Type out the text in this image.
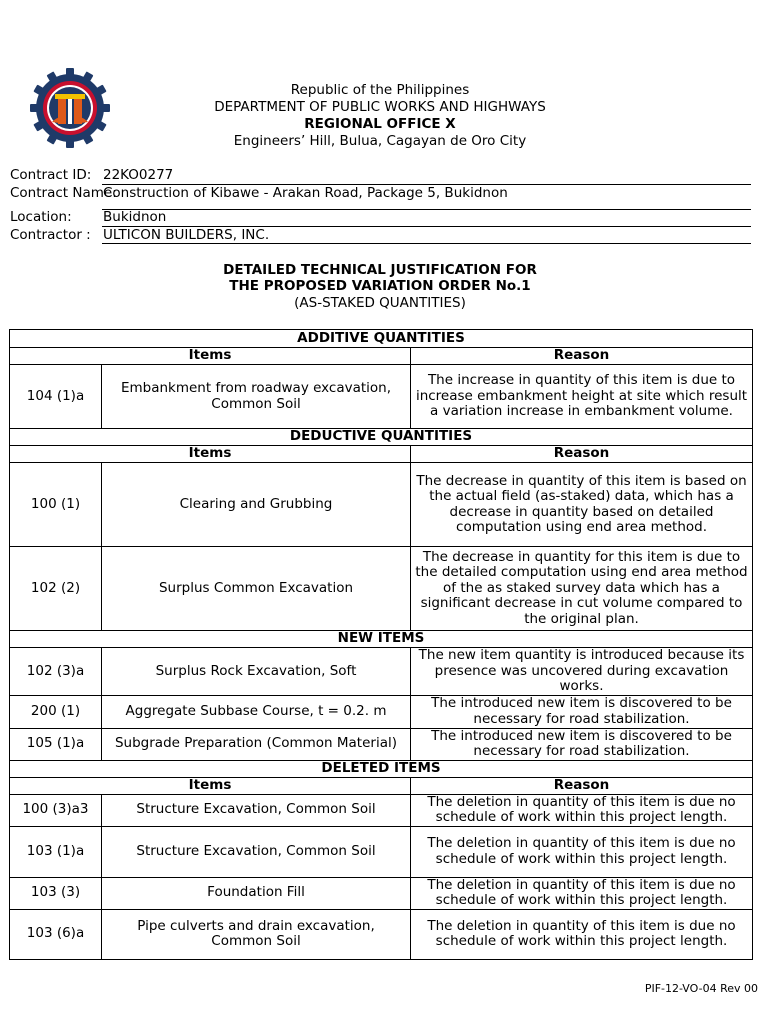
Republic of the Philippines
DEPARTMENT OF PUBLIC WORKS AND HIGHWAYS
REGIONAL OFFICE X
Engineers’ Hill, Bulua, Cagayan de Oro City
Contract ID: 22KO0277
Contract Name:
Construction of Kibawe - Arakan Road, Package 5, Bukidnon
Location:	Bukidnon
Contractor : ULTICON BUILDERS, INC.
DETAILED TECHNICAL JUSTIFICATION FOR
THE PROPOSED VARIATION ORDER No.1
(AS-STAKED QUANTITIES)
ADDITIVE QUANTITIES		
Items		Reason
104 (1)a	Embankment from roadway excavation, Common Soil	The increase in quantity of this item is due to increase embankment height at site which result a variation increase in embankment volume.
DEDUCTIVE QUANTITIES		
Items		Reason
100 (1)	Clearing and Grubbing	The decrease in quantity of this item is based on the actual field (as-staked) data, which has a decrease in quantity based on detailed computation using end area method.
102 (2)	Surplus Common Excavation	The decrease in quantity for this item is due to the detailed computation using end area method of the as staked survey data which has a significant decrease in cut volume compared to the original plan.
NEW ITEMS		
102 (3)a	Surplus Rock Excavation, Soft	The new item quantity is introduced because its presence was uncovered during excavation works.
200 (1)	Aggregate Subbase Course, t = 0.2. m	The introduced new item is discovered to be necessary for road stabilization.
105 (1)a	Subgrade Preparation (Common Material)	The introduced new item is discovered to be necessary for road stabilization.
DELETED ITEMS		
Items		Reason
100 (3)a3	Structure Excavation, Common Soil	The deletion in quantity of this item is due no schedule of work within this project length.
103 (1)a	Structure Excavation, Common Soil	The deletion in quantity of this item is due no schedule of work within this project length.
103 (3)	Foundation Fill	The deletion in quantity of this item is due no schedule of work within this project length.
103 (6)a	Pipe culverts and drain excavation, Common Soil	The deletion in quantity of this item is due no schedule of work within this project length.
PIF-12-VO-04 Rev 00
